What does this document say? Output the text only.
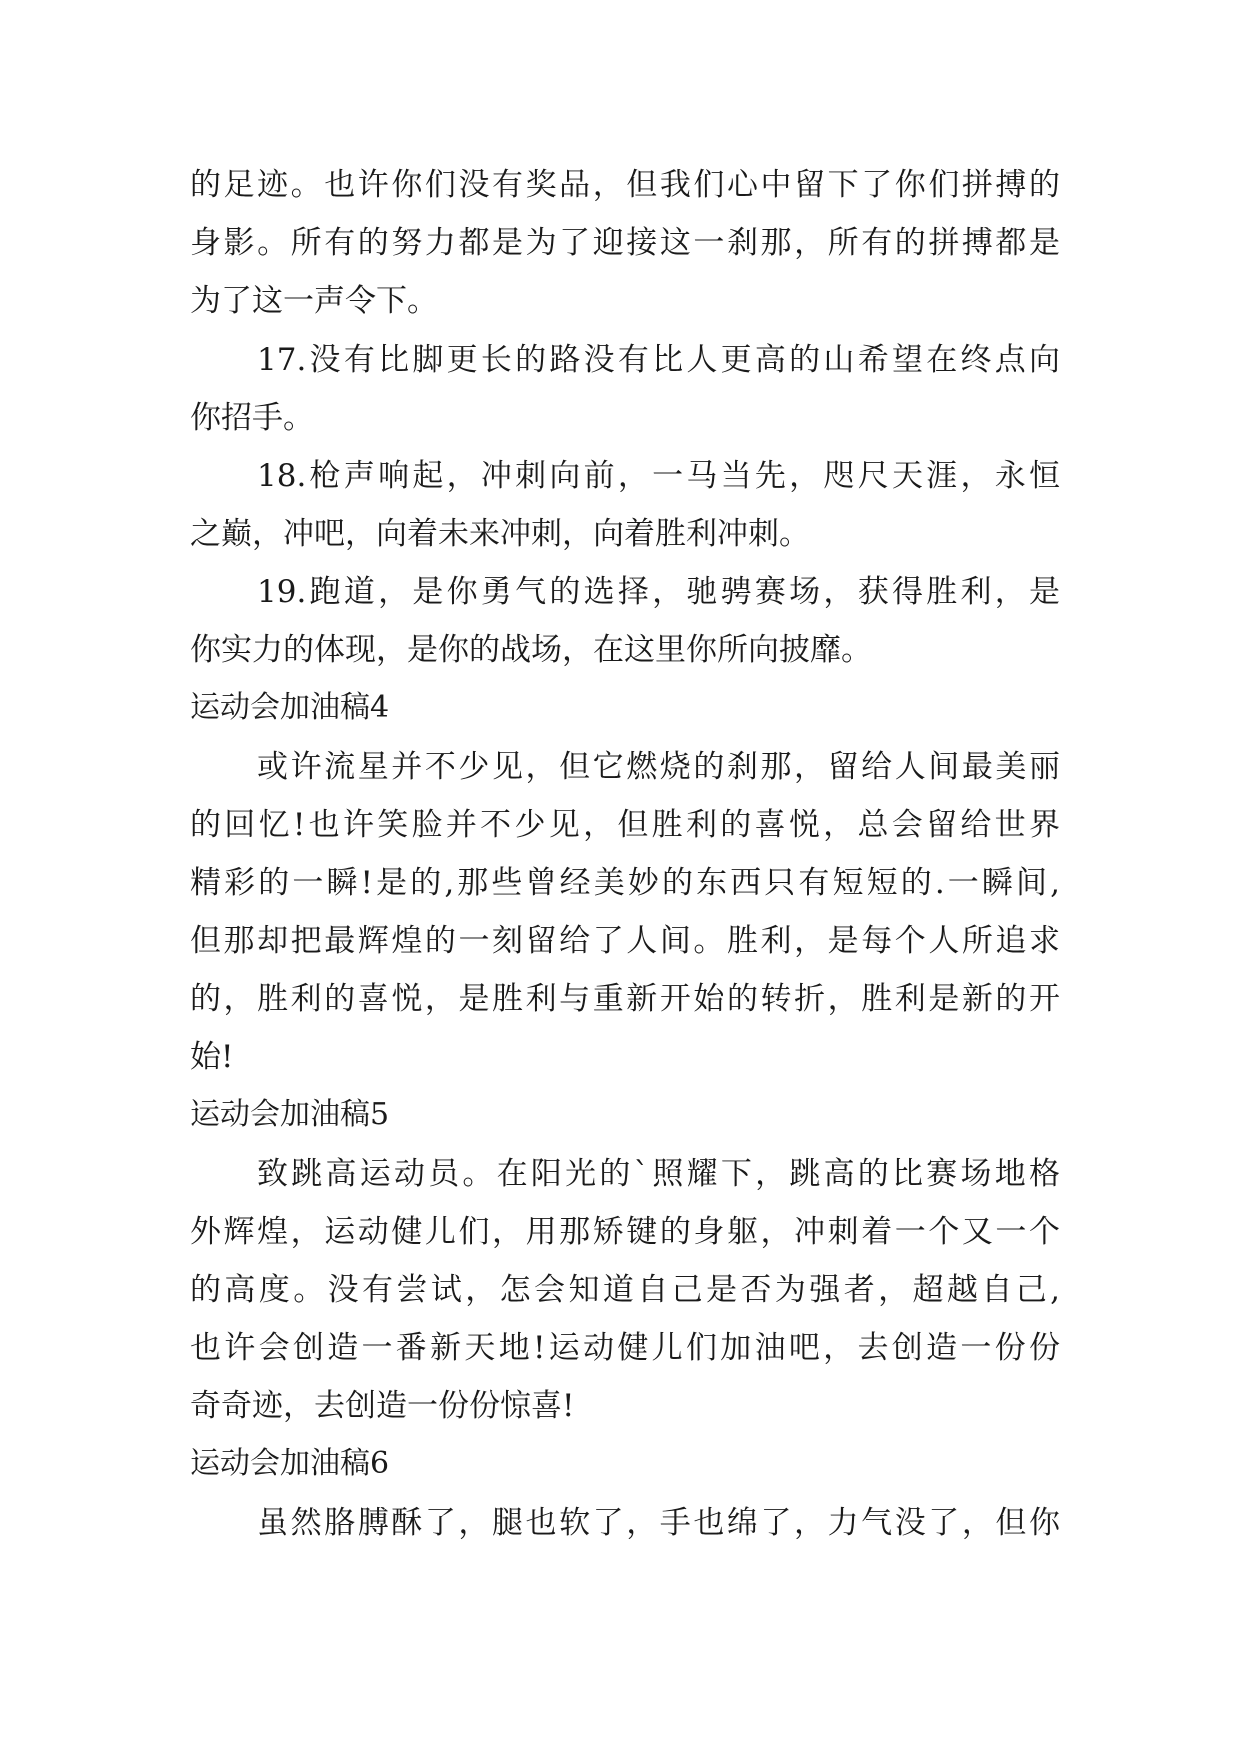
的足迹。也许你们没有奖品，但我们心中留下了你们拼搏的
身影。所有的努力都是为了迎接这一刹那，所有的拼搏都是
为了这一声令下。
17.没有比脚更长的路没有比人更高的山希望在终点向
你招手。
18.枪声响起，冲刺向前，一马当先，咫尺天涯，永恒
之巅，冲吧，向着未来冲刺，向着胜利冲刺。
19.跑道，是你勇气的选择，驰骋赛场，获得胜利，是
你实力的体现，是你的战场，在这里你所向披靡。
运动会加油稿4
或许流星并不少见，但它燃烧的刹那，留给人间最美丽
的回忆!也许笑脸并不少见，但胜利的喜悦，总会留给世界
精彩的一瞬!是的,那些曾经美妙的东西只有短短的.一瞬间,
但那却把最辉煌的一刻留给了人间。胜利，是每个人所追求
的，胜利的喜悦，是胜利与重新开始的转折，胜利是新的开
始!
运动会加油稿5
致跳高运动员。在阳光的`照耀下，跳高的比赛场地格
外辉煌，运动健儿们，用那矫键的身躯，冲刺着一个又一个
的高度。没有尝试，怎会知道自己是否为强者，超越自己,
也许会创造一番新天地!运动健儿们加油吧，去创造一份份
奇奇迹，去创造一份份惊喜!
运动会加油稿6
虽然胳膊酥了，腿也软了，手也绵了，力气没了，但你
